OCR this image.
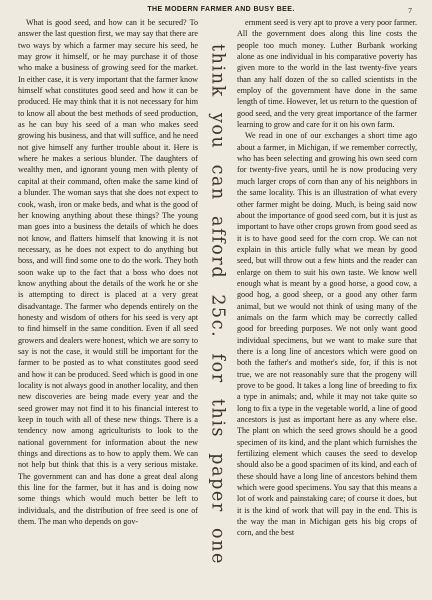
THE MODERN FARMER AND BUSY BEE.	7

What is good seed, and how can it be secured? To answer the last question first, we may say that there are two ways by which a farmer may secure his seed, he may grow it himself, or he may purchase it of those who make a business of growing seed for the market. In either case, it is very important that the farmer know himself what constitutes good seed and how it can be produced. He may think that it is not necessary for him to know all about the best methods of seed production, as he can buy his seed of a man who makes seed growing his business, and that will suffice, and he need not give himself any further trouble about it. Here is where he makes a serious blunder. The daughters of wealthy men, and ignorant young men with plenty of capital at their command, often make the same kind of a blunder. The woman says that she does not expect to cook, wash, iron or make beds, and what is the good of her knowing anything about these things? The young man goes into a business the details of which he does not know, and flatters himself that knowing it is not necessary, as he does not expect to do anything but boss, and will find some one to do the work. They both soon wake up to the fact that a boss who does not know anything about the details of the work he or she is attempting to direct is placed at a very great disadvantage. The farmer who depends entirely on the honesty and wisdom of others for his seed is very apt to find himself in the same condition. Even if all seed growers and dealers were honest, which we are sorry to say is not the case, it would still be important for the farmer to be posted as to what constitutes good seed and how it can be produced. Seed which is good in one locality is not always good in another locality, and then new discoveries are being made every year and the seed grower may not find it to his financial interest to keep in touch with all of these new things. There is a tendency now among agriculturists to look to the national government for information about the new things and directions as to how to apply them. We can not help but think that this is a very serious mistake. The government can and has done a great deal along this line for the farmer, but it has and is doing now some things which would much better be left to individuals, and the distribution of free seed is one of them. The man who depends on gov-	think you can afford 25c. for this paper one

ernment seed is very apt to prove a very poor farmer. All the government does along this line costs the people too much money. Luther Burbank working alone as one individual in his comparative poverty has given more to the world in the last twenty-five years than any half dozen of the so called scientists in the employ of the government have done in the same length of time. However, let us return to the question of good seed, and the very great importance of the farmer learning to grow and care for it on his own farm.

We read in one of our exchanges a short time ago about a farmer, in Michigan, if we remember correctly, who has been selecting and growing his own seed corn for twenty-five years, until he is now producing very much larger crops of corn than any of his neighbors in the same locality. This is an illustration of what every other farmer might be doing. Much, is being said now about the importance of good seed corn, but it is just as important to have other crops grown from good seed as it is to have good seed for the corn crop. We can not explain in this article fully what we mean by good seed, but will throw out a few hints and the reader can enlarge on them to suit his own taste. We know well enough what is meant by a good horse, a good cow, a good hog, a good sheep, or a good any other farm animal, but we would not think of using many of the animals on the farm which may be correctly called good for breeding purposes. We not only want good individual specimens, but we want to make sure that there is a long line of ancestors which were good on both the father's and mother's side, for, if this is not true, we are not reasonably sure that the progeny will prove to be good. It takes a long line of breeding to fix a type in animals; and, while it may not take quite so long to fix a type in the vegetable world, a line of good ancestors is just as important here as any where else. The plant on which the seed grows should be a good specimen of its kind, and the plant which furnishes the fertilizing element which causes the seed to develop should also be a good spacimen of its kind, and each of these should have a long line of ancestors behind them which were good specimens. You say that this means a lot of work and painstaking care; of course it does, but it is the kind of work that will pay in the end. This is the way the man in Michigan gets his big crops of corn, and the best
